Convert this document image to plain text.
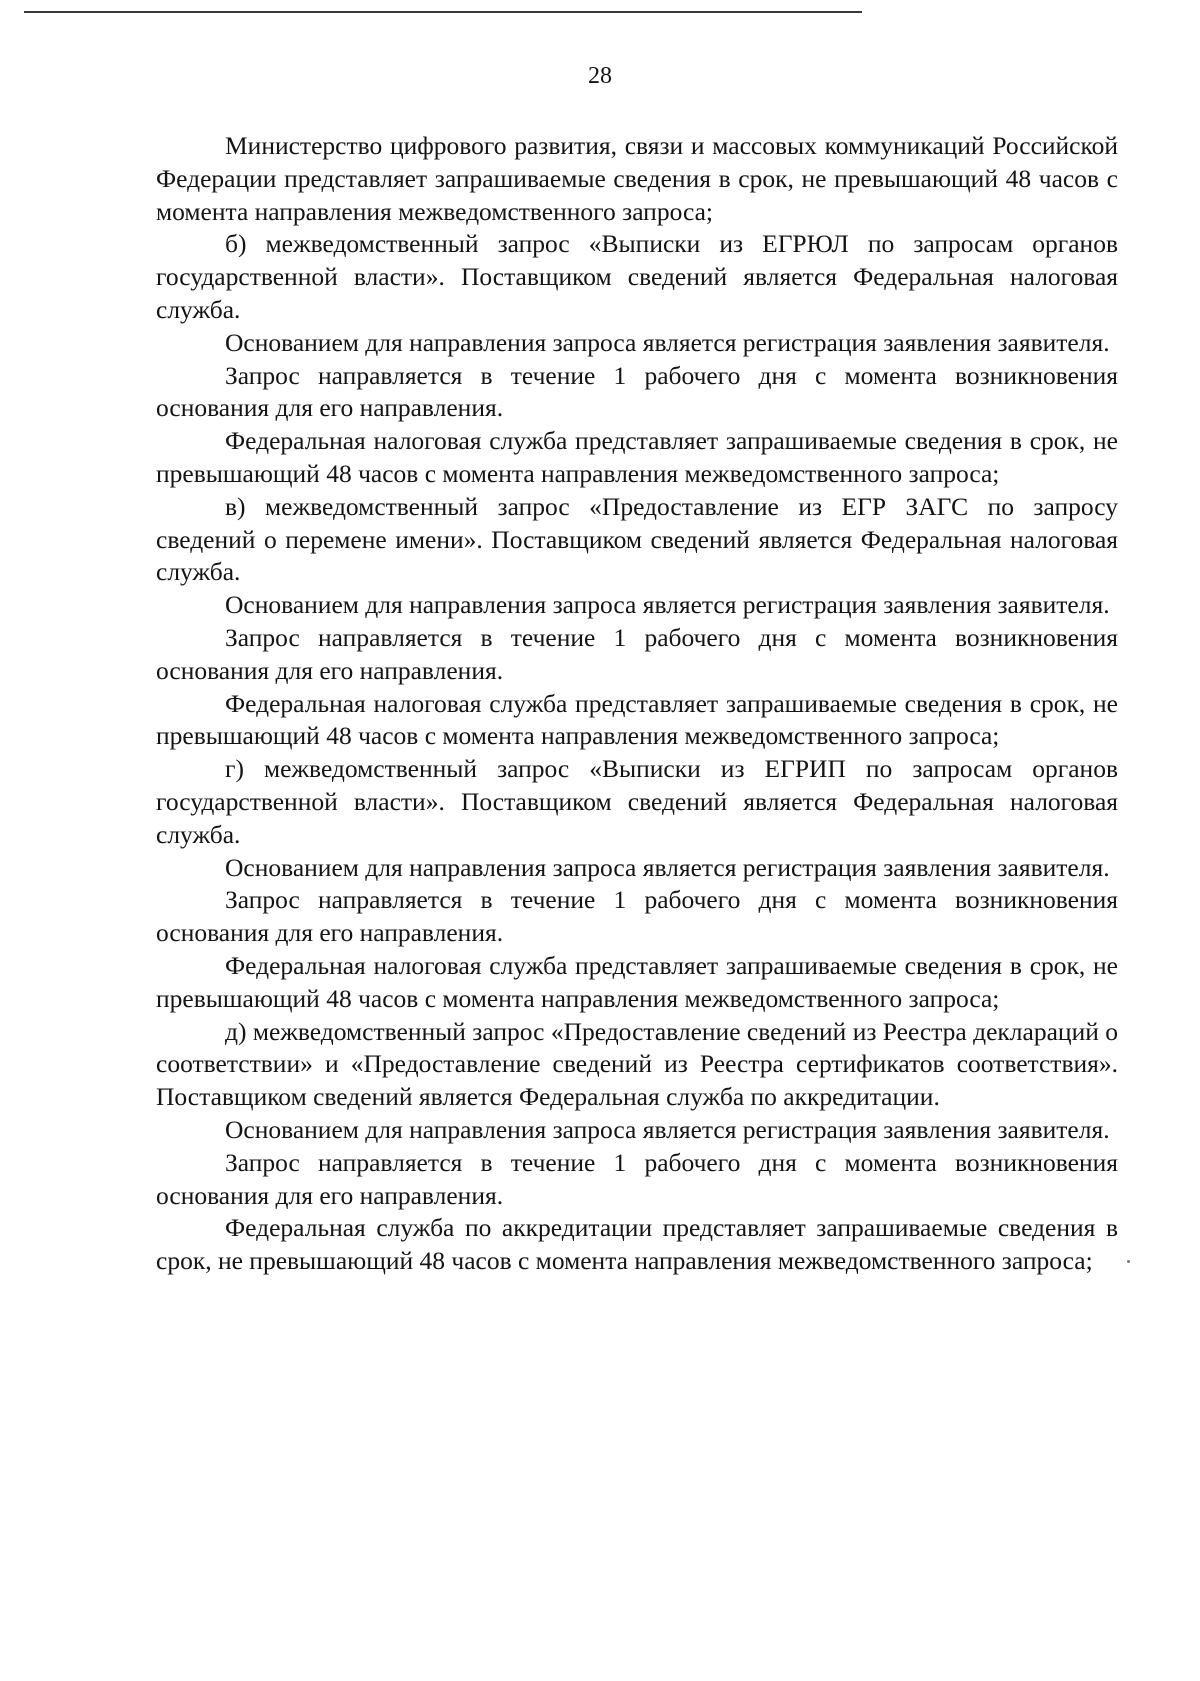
28

Министерство цифрового развития, связи и массовых коммуникаций Российской Федерации представляет запрашиваемые сведения в срок, не превышающий 48 часов с момента направления межведомственного запроса;

б) межведомственный запрос «Выписки из ЕГРЮЛ по запросам органов государственной власти». Поставщиком сведений является Федеральная налоговая служба.

Основанием для направления запроса является регистрация заявления заявителя.

Запрос направляется в течение 1 рабочего дня с момента возникновения основания для его направления.

Федеральная налоговая служба представляет запрашиваемые сведения в срок, не превышающий 48 часов с момента направления межведомственного запроса;

в) межведомственный запрос «Предоставление из ЕГР ЗАГС по запросу сведений о перемене имени». Поставщиком сведений является Федеральная налоговая служба.

Основанием для направления запроса является регистрация заявления заявителя.

Запрос направляется в течение 1 рабочего дня с момента возникновения основания для его направления.

Федеральная налоговая служба представляет запрашиваемые сведения в срок, не превышающий 48 часов с момента направления межведомственного запроса;

г) межведомственный запрос «Выписки из ЕГРИП по запросам органов государственной власти». Поставщиком сведений является Федеральная налоговая служба.

Основанием для направления запроса является регистрация заявления заявителя.

Запрос направляется в течение 1 рабочего дня с момента возникновения основания для его направления.

Федеральная налоговая служба представляет запрашиваемые сведения в срок, не превышающий 48 часов с момента направления межведомственного запроса;

д) межведомственный запрос «Предоставление сведений из Реестра деклараций о соответствии» и «Предоставление сведений из Реестра сертификатов соответствия». Поставщиком сведений является Федеральная служба по аккредитации.

Основанием для направления запроса является регистрация заявления заявителя.

Запрос направляется в течение 1 рабочего дня с момента возникновения основания для его направления.

Федеральная служба по аккредитации представляет запрашиваемые сведения в срок, не превышающий 48 часов с момента направления межведомственного запроса;
